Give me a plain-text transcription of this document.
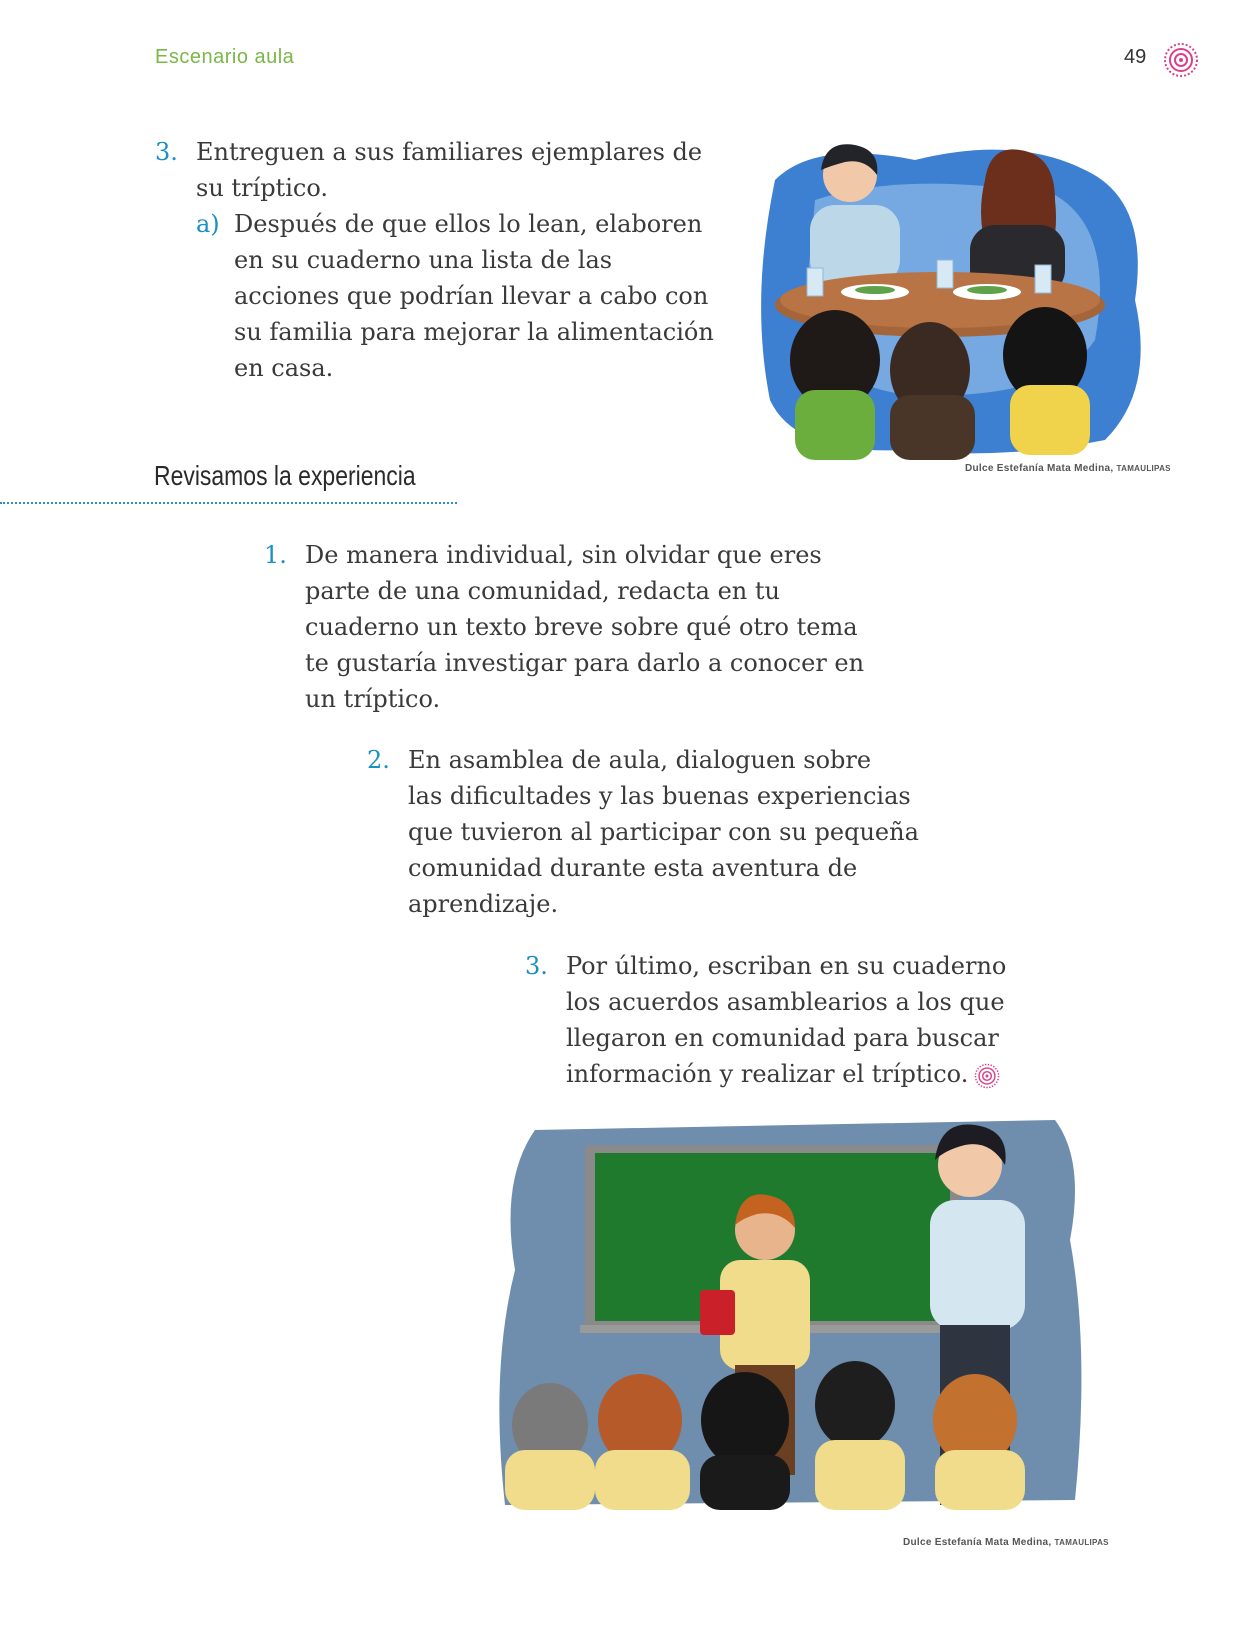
Escenario aula	49
3. Entreguen a sus familiares ejemplares de
su tríptico.
a) Después de que ellos lo lean, elaboren
en su cuaderno una lista de las
acciones que podrían llevar a cabo con
su familia para mejorar la alimentación
en casa.
Dulce Estefanía Mata Medina, TAMAULIPAS
Revisamos la experiencia
1. De manera individual, sin olvidar que eres
parte de una comunidad, redacta en tu
cuaderno un texto breve sobre qué otro tema
te gustaría investigar para darlo a conocer en
un tríptico.
2. En asamblea de aula, dialoguen sobre
las dificultades y las buenas experiencias
que tuvieron al participar con su pequeña
comunidad durante esta aventura de
aprendizaje.
3. Por último, escriban en su cuaderno
los acuerdos asamblearios a los que
llegaron en comunidad para buscar
información y realizar el tríptico.
Dulce Estefanía Mata Medina, TAMAULIPAS
